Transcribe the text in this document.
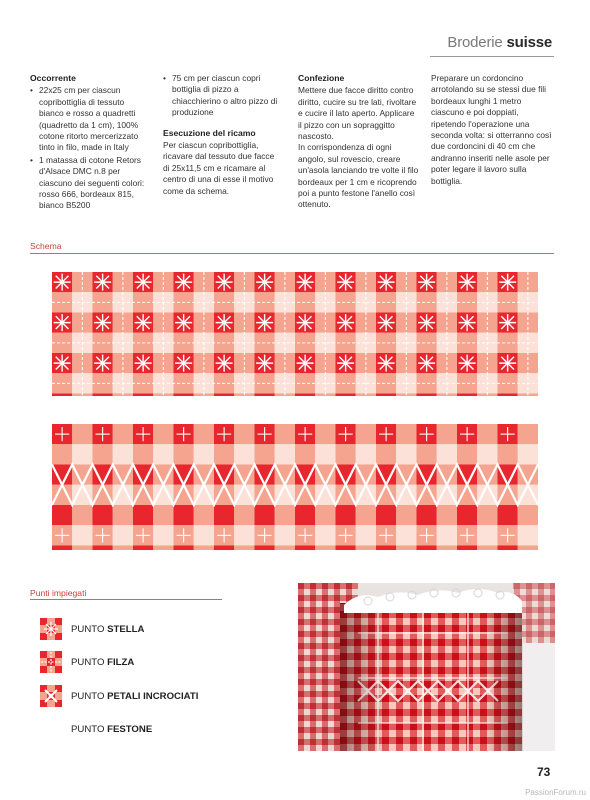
Broderie suisse
Occorrente
• 22x25 cm per ciascun copribottiglia di tessuto bianco e rosso a quadretti (quadretto da 1 cm), 100% cotone ritorto mercerizzato tinto in filo, made in Italy
• 1 matassa di cotone Retors d'Alsace DMC n.8 per ciascuno dei seguenti colori: rosso 666, bordeaux 815, bianco B5200
• 75 cm per ciascun copri bottiglia di pizzo a chiacchierino o altro pizzo di produzione
Esecuzione del ricamo

Per ciascun copribottiglia, ricavare dal tessuto due facce di 25x11,5 cm e ricamare al centro di una di esse il motivo come da schema.

Confezione

Mettere due facce diritto contro diritto, cucire su tre lati, rivoltare e cucire il lato aperto. Applicare il pizzo con un sopraggitto nascosto.

In corrispondenza di ogni angolo, sul rovescio, creare un'asola lanciando tre volte il filo bordeaux per 1 cm e ricoprendo poi a punto festone l'anello così ottenuto.

Preparare un cordoncino arrotolando su se stessi due fili bordeaux lunghi 1 metro ciascuno e poi doppiati, ripetendo l'operazione una seconda volta: si otterranno così due cordoncini di 40 cm che andranno inseriti nelle asole per poter legare il lavoro sulla bottiglia.

Schema
Punti impiegati
PUNTO STELLA
PUNTO FILZA
PUNTO PETALI INCROCIATI
PUNTO FESTONE
73
PassionForum.ru
